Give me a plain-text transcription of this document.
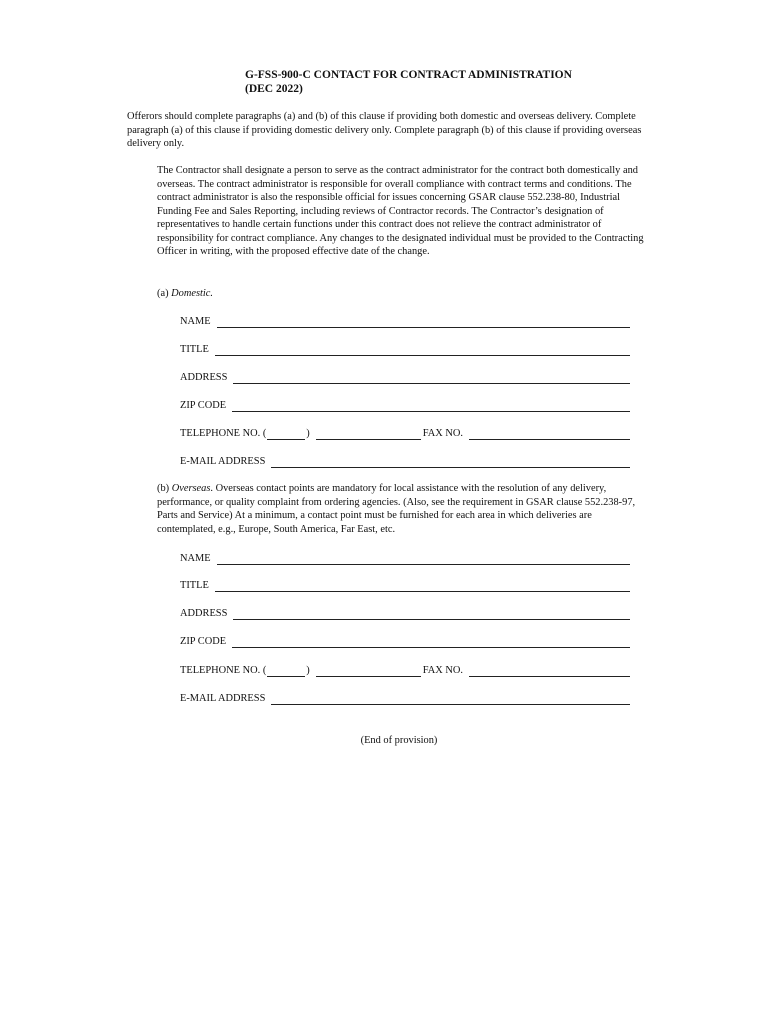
G-FSS-900-C CONTACT FOR CONTRACT ADMINISTRATION
(DEC 2022)

Offerors should complete paragraphs (a) and (b) of this clause if providing both domestic and overseas delivery. Complete paragraph (a) of this clause if providing domestic delivery only. Complete paragraph (b) of this clause if providing overseas delivery only.

The Contractor shall designate a person to serve as the contract administrator for the contract both domestically and overseas. The contract administrator is responsible for overall compliance with contract terms and conditions. The contract administrator is also the responsible official for issues concerning GSAR clause 552.238-80, Industrial Funding Fee and Sales Reporting, including reviews of Contractor records. The Contractor’s designation of representatives to handle certain functions under this contract does not relieve the contract administrator of responsibility for contract compliance. Any changes to the designated individual must be provided to the Contracting Officer in writing, with the proposed effective date of the change.

(a) Domestic.
NAME
TITLE
ADDRESS
ZIP CODE
TELEPHONE NO. (	)	FAX NO.
E-MAIL ADDRESS

(b) Overseas. Overseas contact points are mandatory for local assistance with the resolution of any delivery, performance, or quality complaint from ordering agencies. (Also, see the requirement in GSAR clause 552.238-97, Parts and Service) At a minimum, a contact point must be furnished for each area in which deliveries are contemplated, e.g., Europe, South America, Far East, etc.

NAME
TITLE
ADDRESS
ZIP CODE
TELEPHONE NO. (	)	FAX NO.
E-MAIL ADDRESS
(End of provision)
